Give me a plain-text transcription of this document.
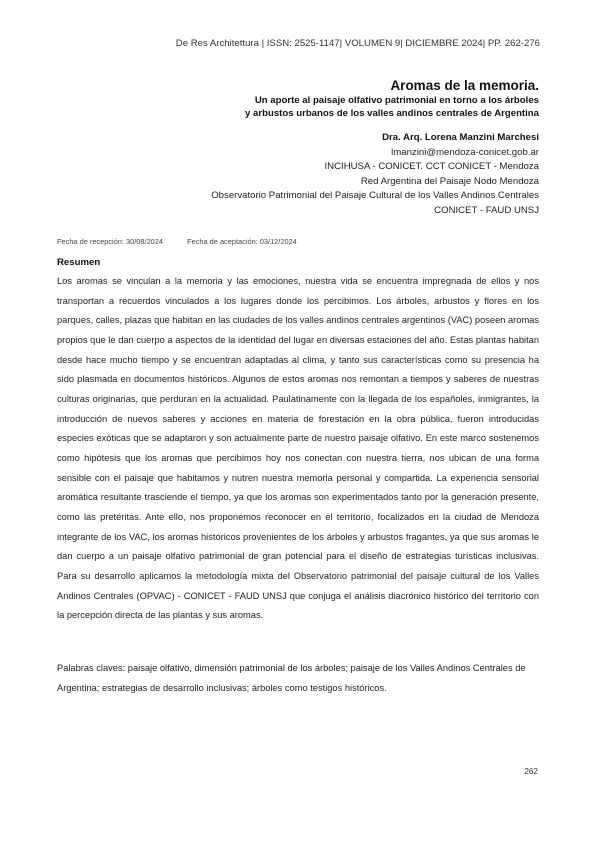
De Res Architettura | ISSN: 2525-1147| VOLUMEN 9| DICIEMBRE 2024| PP. 262-276
Aromas de la memoria.
Un aporte al paisaje olfativo patrimonial en torno a los árboles
y arbustos urbanos de los valles andinos centrales de Argentina
Dra. Arq. Lorena Manzini Marchesi
lmanzini@mendoza-conicet.gob.ar
INCIHUSA - CONICET. CCT CONICET - Mendoza
Red Argentina del Paisaje Nodo Mendoza
Observatorio Patrimonial del Paisaje Cultural de los Valles Andinos Centrales
CONICET - FAUD UNSJ
Fecha de recepción: 30/08/2024	Fecha de aceptación: 03/12/2024
Resumen

Los aromas se vinculan a la memoria y las emociones, nuestra vida se encuentra impregnada de ellos y nos transportan a recuerdos vinculados a los lugares donde los percibimos. Los árboles, arbustos y flores en los parques, calles, plazas que habitan en las ciudades de los valles andinos centrales argentinos (VAC) poseen aromas propios que le dan cuerpo a aspectos de la identidad del lugar en diversas estaciones del año. Estas plantas habitan desde hace mucho tiempo y se encuentran adaptadas al clima, y tanto sus características como su presencia ha sido plasmada en documentos históricos. Algunos de estos aromas nos remontan a tiempos y saberes de nuestras culturas originarias, que perduran en la actualidad. Paulatinamente con la llegada de los españoles, inmigrantes, la introducción de nuevos saberes y acciones en materia de forestación en la obra pública, fueron introducidas especies exóticas que se adaptaron y son actualmente parte de nuestro paisaje olfativo. En este marco sostenemos como hipótesis que los aromas que percibimos hoy nos conectan con nuestra tierra, nos ubican de una forma sensible con el paisaje que habitamos y nutren nuestra memoria personal y compartida. La experiencia sensorial aromática resultante trasciende el tiempo, ya que los aromas son experimentados tanto por la generación presente, como las pretéritas. Ante ello, nos proponemos reconocer en el territorio, focalizados en la ciudad de Mendoza integrante de los VAC, los aromas históricos provenientes de los árboles y arbustos fragantes, ya que sus aromas le dan cuerpo a un paisaje olfativo patrimonial de gran potencial para el diseño de estrategias turísticas inclusivas. Para su desarrollo aplicamos la metodología mixta del Observatorio patrimonial del paisaje cultural de los Valles Andinos Centrales (OPVAC) - CONICET - FAUD UNSJ que conjuga el análisis diacrónico histórico del territorio con la percepción directa de las plantas y sus aromas.

Palabras claves: paisaje olfativo, dimensión patrimonial de los árboles; paisaje de los Valles Andinos Centrales de Argentina; estrategias de desarrollo inclusivas; árboles como testigos históricos.

262
